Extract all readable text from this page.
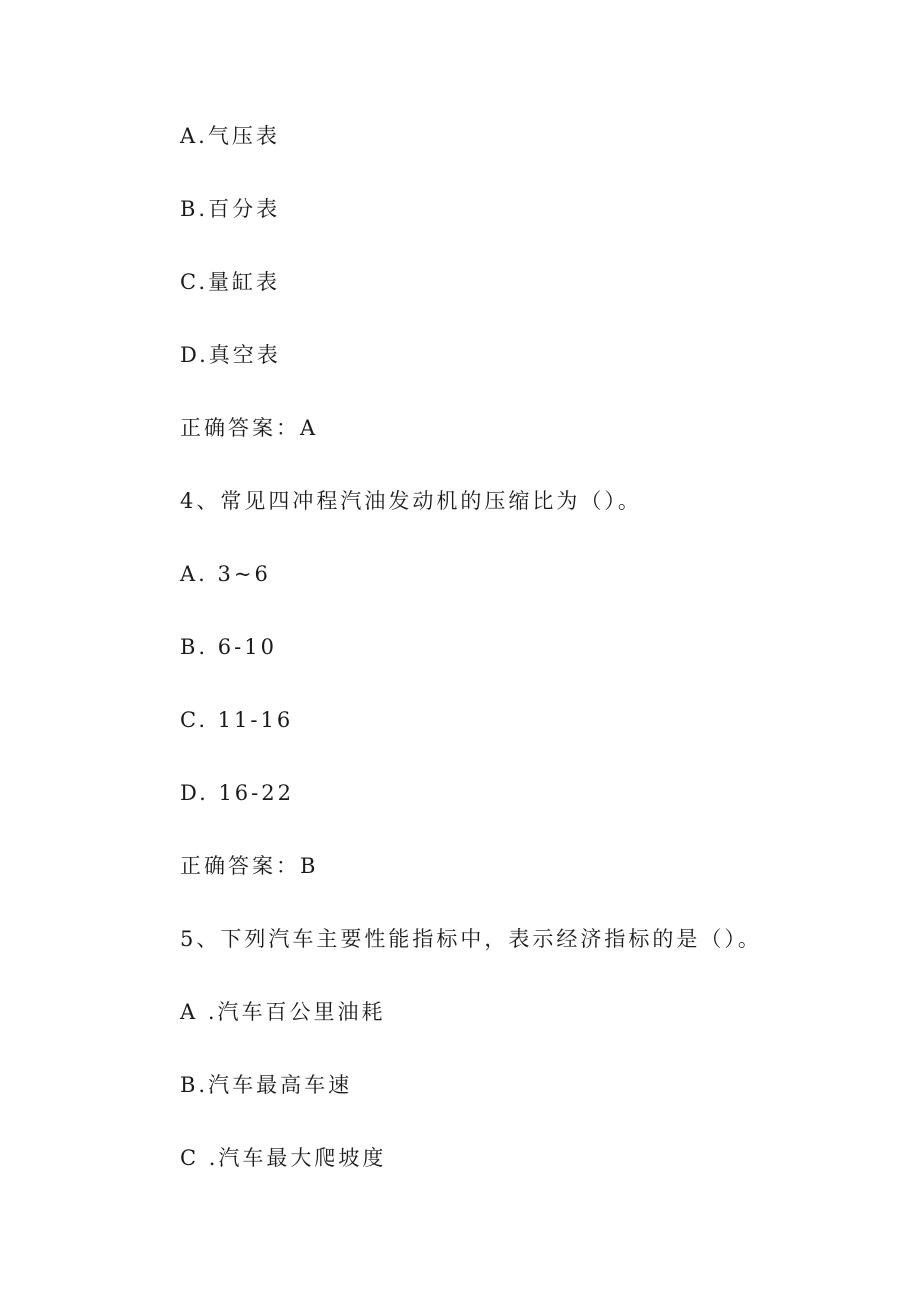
A.气压表
B.百分表
C.量缸表
D.真空表
正确答案：A
4、常见四冲程汽油发动机的压缩比为（）。
A. 3~6
B. 6-10
C. 11-16
D. 16-22
正确答案：B
5、下列汽车主要性能指标中，表示经济指标的是（）。
A .汽车百公里油耗
B.汽车最高车速
C .汽车最大爬坡度
